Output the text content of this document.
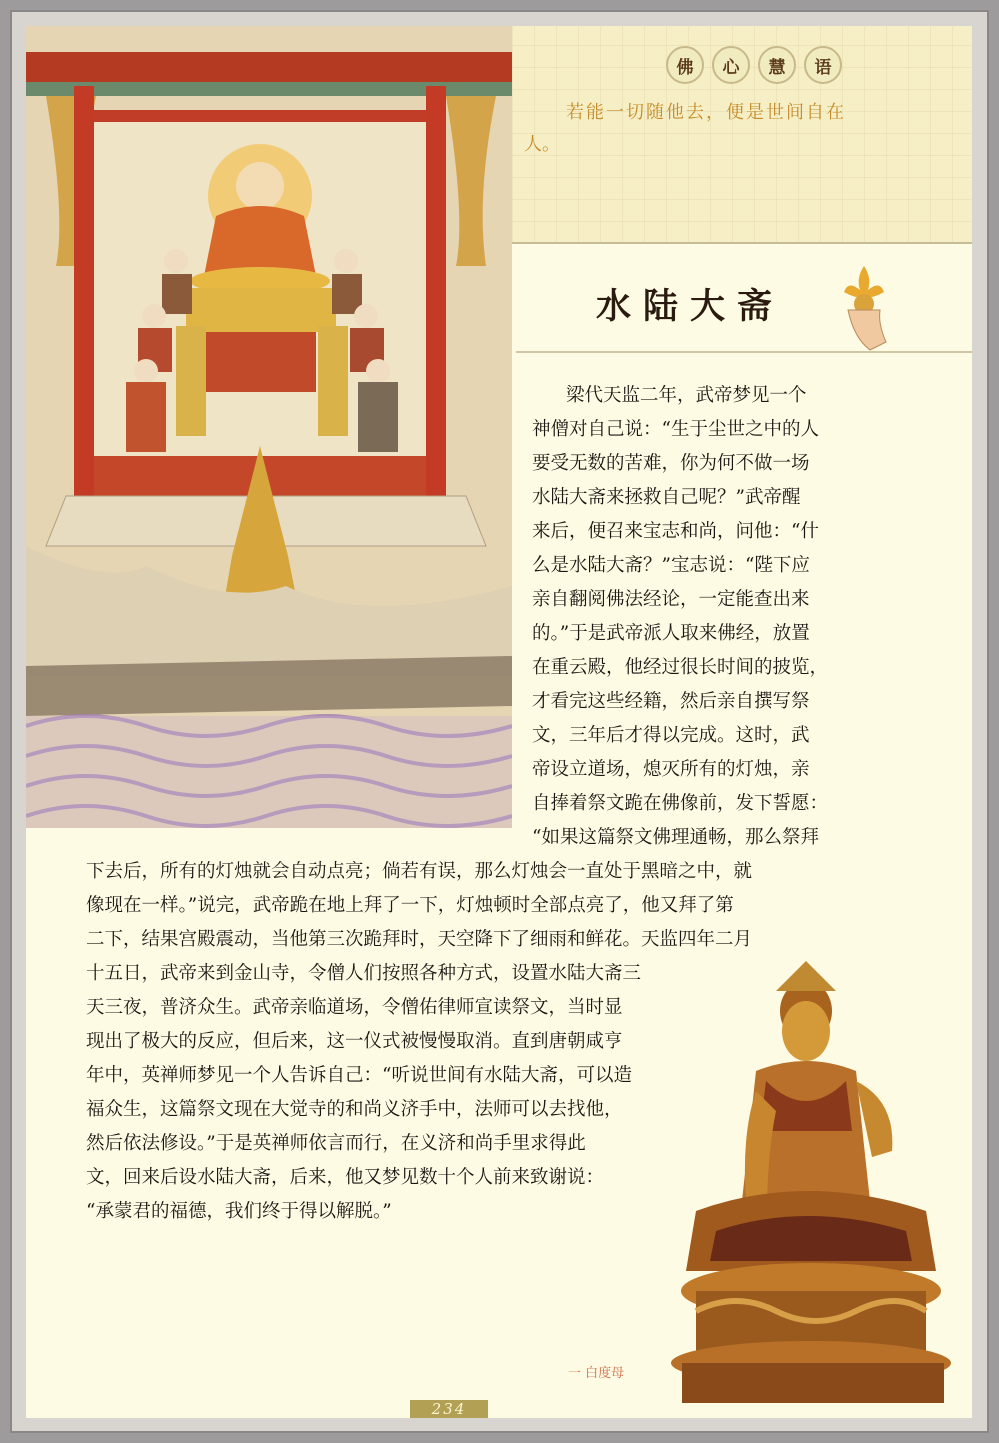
佛	心	慧	语
若能一切随他去，便是世间自在
人。
水陆大斋
梁代天监二年，武帝梦见一个
神僧对自己说：“生于尘世之中的人
要受无数的苦难，你为何不做一场
水陆大斋来拯救自己呢？”武帝醒
来后，便召来宝志和尚，问他：“什
么是水陆大斋？”宝志说：“陛下应
亲自翻阅佛法经论，一定能查出来
的。”于是武帝派人取来佛经，放置
在重云殿，他经过很长时间的披览，
才看完这些经籍，然后亲自撰写祭
文，三年后才得以完成。这时，武
帝设立道场，熄灭所有的灯烛，亲
自捧着祭文跪在佛像前，发下誓愿：
“如果这篇祭文佛理通畅，那么祭拜
下去后，所有的灯烛就会自动点亮；倘若有误，那么灯烛会一直处于黑暗之中，就
像现在一样。”说完，武帝跪在地上拜了一下，灯烛顿时全部点亮了，他又拜了第
二下，结果宫殿震动，当他第三次跪拜时，天空降下了细雨和鲜花。天监四年二月
十五日，武帝来到金山寺，令僧人们按照各种方式，设置水陆大斋三
天三夜，普济众生。武帝亲临道场，令僧佑律师宣读祭文，当时显
现出了极大的反应，但后来，这一仪式被慢慢取消。直到唐朝咸亨
年中，英禅师梦见一个人告诉自己：“听说世间有水陆大斋，可以造
福众生，这篇祭文现在大觉寺的和尚义济手中，法师可以去找他，
然后依法修设。”于是英禅师依言而行，在义济和尚手里求得此
文，回来后设水陆大斋，后来，他又梦见数十个人前来致谢说：
“承蒙君的福德，我们终于得以解脱。”
一 白度母
234
